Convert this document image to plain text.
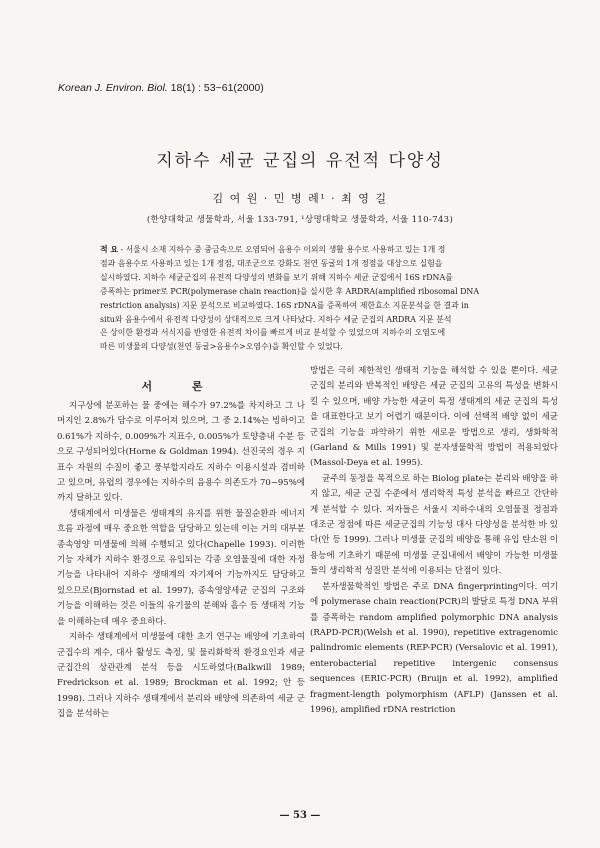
Korean J. Environ. Biol. 18(1) : 53~61(2000)
지하수 세균 군집의 유전적 다양성
김 여 원 · 민 병 례¹ · 최 영 길
(한양대학교 생물학과, 서울 133-791, ¹상명대학교 생물학과, 서울 110-743)
적 요 - 서울시 소재 지하수 중 중금속으로 오염되어 음용수 이외의 생활 용수로 사용하고 있는 1개 정
점과 음용수로 사용하고 있는 1개 정점, 대조군으로 강화도 천연 동굴의 1개 정점을 대상으로 실험을
실시하였다. 지하수 세균군집의 유전적 다양성의 변화를 보기 위해 지하수 세균 군집에서 16S rDNA를
증폭하는 primer로 PCR(polymerase chain reaction)을 실시한 후 ARDRA(amplified ribosomal DNA
restriction analysis) 지문 분석으로 비교하였다. 16S rDNA를 증폭하여 제한효소 지문분석을 한 결과 in
situ와 음용수에서 유전적 다양성이 상대적으로 크게 나타났다. 지하수 세균 군집의 ARDRA 지문 분석
은 상이한 환경과 서식지를 반영한 유전적 차이를 빠르게 비교 분석할 수 있었으며 지하수의 오염도에
따른 미생물의 다양성(천연 동굴>음용수>오염수)을 확인할 수 있었다.
서 론

지구상에 분포하는 물 중에는 해수가 97.2%를 차지하고 그 나머지인 2.8%가 담수로 이루어져 있으며, 그 중 2.14%는 빙하이고 0.61%가 지하수, 0.009%가 지표수, 0.005%가 토양층내 수분 등으로 구성되어있다(Horne & Goldman 1994). 선진국의 경우 지표수 자원의 수질이 좋고 풍부할지라도 지하수 이용시설과 겸비하고 있으며, 유럽의 경우에는 지하수의 음용수 의존도가 70~95%에까지 달하고 있다.

생태계에서 미생물은 생태계의 유지를 위한 물질순환과 에너지 흐름 과정에 매우 중요한 역할을 담당하고 있는데 이는 거의 대부분 종속영양 미생물에 의해 수행되고 있다(Chapelle 1993). 이러한 기능 자체가 지하수 환경으로 유입되는 각종 오염물질에 대한 자정 기능을 나타내어 지하수 생태계의 자기제어 기능까지도 담당하고 있으므로(Bjornstad et al. 1997), 종속영양세균 군집의 구조와 기능을 이해하는 것은 이들의 유기물의 분해와 흡수 등 생태적 기능을 이해하는데 매우 중요하다.

지하수 생태계에서 미생물에 대한 초기 연구는 배양에 기초하여 군집수의 계수, 대사 활성도 측정, 및 물리화학적 환경요인과 세균 군집간의 상관관계 분석 등을 시도하였다(Balkwill 1989; Fredrickson et al. 1989; Brockman et al. 1992; 안 등 1998). 그러나 지하수 생태계에서 분리와 배양에 의존하여 세균 군집을 분석하는

방법은 극히 제한적인 생태적 기능을 해석할 수 있을 뿐이다. 세균 군집의 분리와 반복적인 배양은 세균 군집의 고유의 특성을 변화시킬 수 있으며, 배양 가능한 세균이 특정 생태계의 세균 군집의 특성을 대표한다고 보기 어렵기 때문이다. 이에 선택적 배양 없이 세균 군집의 기능을 파악하기 위한 새로운 방법으로 생리, 생화학적(Garland & Mills 1991) 및 분자생물학적 방법이 적용되었다(Massol-Deya et al. 1995).

균주의 동정을 목적으로 하는 Biolog plate는 분리와 배양을 하지 않고, 세균 군집 수준에서 생리학적 특성 분석을 빠르고 간단하게 분석할 수 있다. 저자들은 서울시 지하수내의 오염물질 정점과 대조군 정점에 따른 세균군집의 기능성 대사 다양성을 분석한 바 있다(안 등 1999). 그러나 미생물 군집의 배양을 통해 유입 탄소원 이용능에 기초하기 때문에 미생물 군집내에서 배양이 가능한 미생물들의 생리학적 성질만 분석에 이용되는 단점이 있다.

분자생물학적인 방법은 주로 DNA fingerprinting이다. 여기에 polymerase chain reaction(PCR)의 발달로 특정 DNA 부위를 증폭하는 random amplified polymorphic DNA analysis (RAPD-PCR)(Welsh et al. 1990), repetitive extragenomic palindromic elements (REP-PCR) (Versalovic et al. 1991), enterobacterial repetitive intergenic consensus sequences (ERIC-PCR) (Bruijn et al. 1992), amplified fragment-length polymorphism (AFLP) (Janssen et al. 1996), amplified rDNA restriction

— 53 —
